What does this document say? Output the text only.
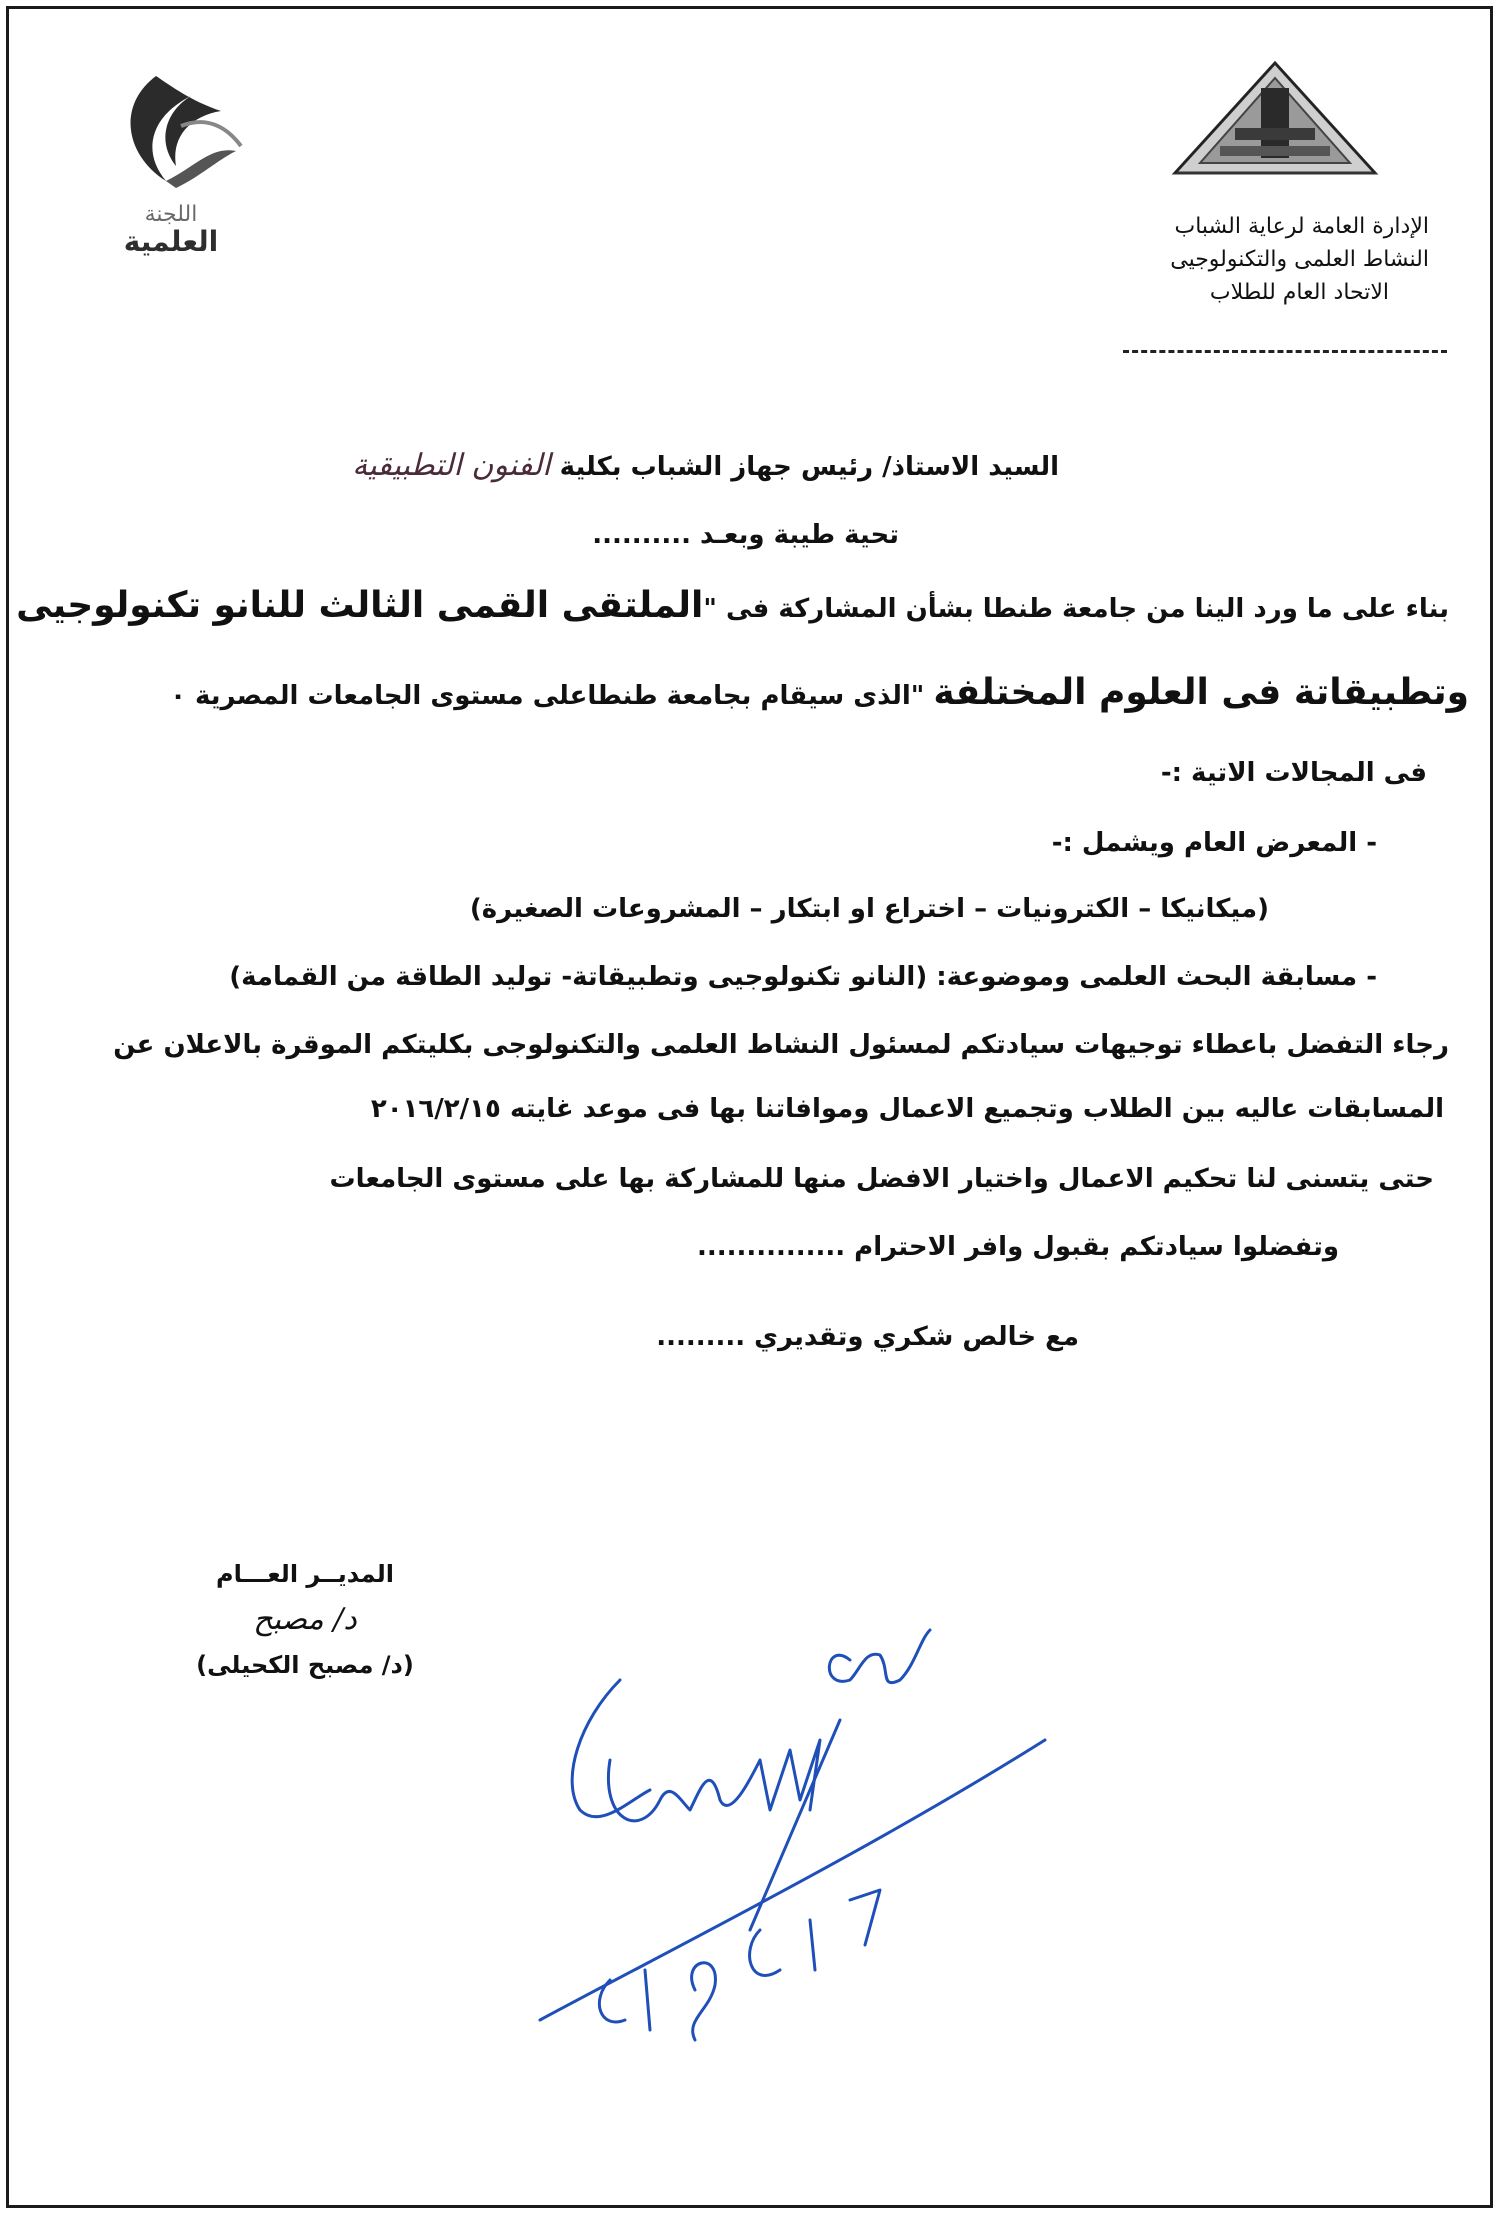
اللجنة
العلمية	الإدارة العامة لرعاية الشباب
النشاط العلمى والتكنولوجيى
الاتحاد العام للطلاب
السيد الاستاذ/ رئيس جهاز الشباب بكلية الفنون التطبيقية
تحية طيبة وبعـد ..........
بناء على ما ورد الينا من جامعة طنطا بشأن المشاركة فى "الملتقى القمى الثالث للنانو تكنولوجيى
وتطبيقاتة فى العلوم المختلفة "الذى سيقام بجامعة طنطاعلى مستوى الجامعات المصرية ٠
فى المجالات الاتية :-
- المعرض العام ويشمل :-
(ميكانيكا – الكترونيات – اختراع او ابتكار – المشروعات الصغيرة)
- مسابقة البحث العلمى وموضوعة: (النانو تكنولوجيى وتطبيقاتة- توليد الطاقة من القمامة)
رجاء التفضل باعطاء توجيهات سيادتكم لمسئول النشاط العلمى والتكنولوجى بكليتكم الموقرة بالاعلان عن
المسابقات عاليه بين الطلاب وتجميع الاعمال وموافاتنا بها فى موعد غايته ٢٠١٦/٢/١٥
حتى يتسنى لنا تحكيم الاعمال واختيار الافضل منها للمشاركة بها على مستوى الجامعات
وتفضلوا سيادتكم بقبول وافر الاحترام ...............
مع خالص شكري وتقديري .........
المديــر العـــام
د/ مصبح
(د/ مصبح الكحيلى)
موافق
١٨/٢/٢٠١٦
